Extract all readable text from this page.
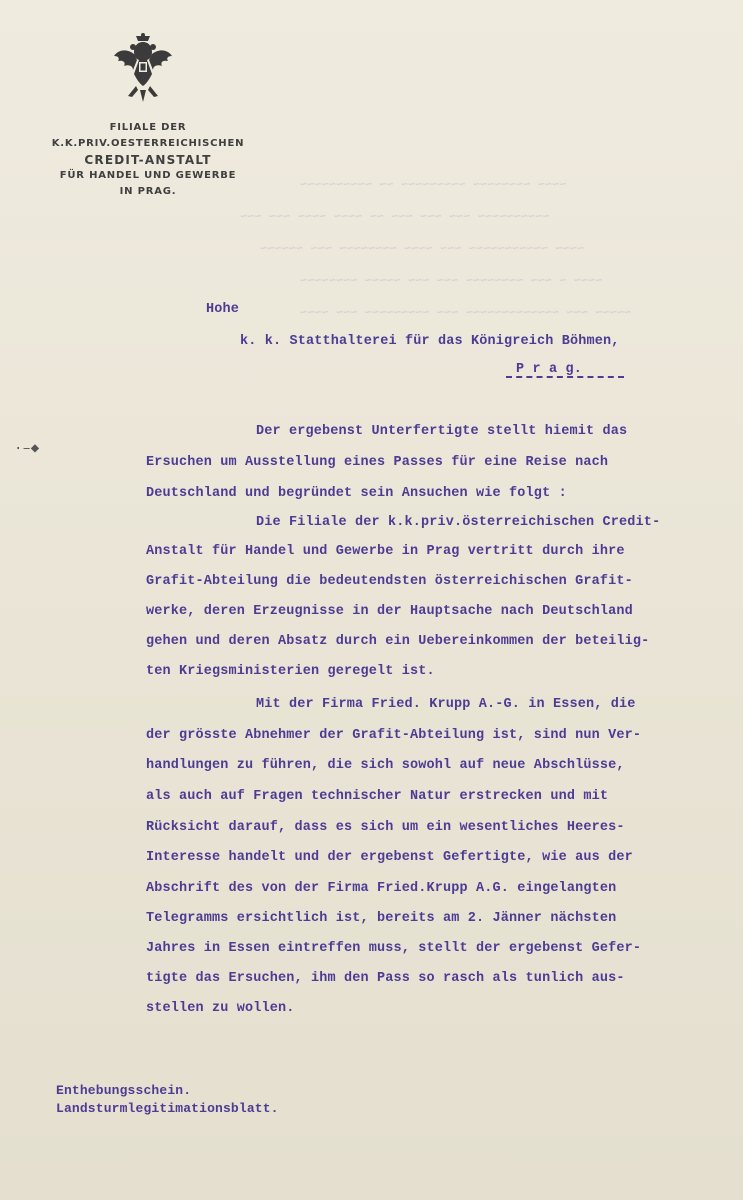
FILIALE DER
K.K.PRIV.OESTERREICHISCHEN
CREDIT-ANSTALT
FÜR HANDEL UND GEWERBE
IN PRAG.	~~~~ ~~~~~~~~ ~~~~~~~~~ ~~ ~~~~~~~~~~
~~~~~~~~~~ ~~~ ~~~ ~~~ ~~ ~~~~ ~~~~ ~~~ ~~~
~~~~ ~~~~~~~~~~~ ~~~ ~~~~ ~~~~~~~~ ~~~ ~~~~~~
~~~~ ~ ~~~ ~~~~~~~~ ~~~ ~~~ ~~~~~ ~~~~~~~~
~~~~~ ~~~ ~~~~~~~~~~~~~ ~~~ ~~~~~~~~~ ~~~ ~~~~
Hohe
k. k. Statthalterei für das Königreich Böhmen,
P r a g.
·–◆
Der ergebenst Unterfertigte stellt hiemit das
Ersuchen um Ausstellung eines Passes für eine Reise nach
Deutschland und begründet sein Ansuchen wie folgt :
Die Filiale der k.k.priv.österreichischen Credit-
Anstalt für Handel und Gewerbe in Prag vertritt durch ihre
Grafit-Abteilung die bedeutendsten österreichischen Grafit-
werke, deren Erzeugnisse in der Hauptsache nach Deutschland
gehen und deren Absatz durch ein Uebereinkommen der beteilig-
ten Kriegsministerien geregelt ist.
Mit der Firma Fried. Krupp A.-G. in Essen, die
der grösste Abnehmer der Grafit-Abteilung ist, sind nun Ver-
handlungen zu führen, die sich sowohl auf neue Abschlüsse,
als auch auf Fragen technischer Natur erstrecken und mit
Rücksicht darauf, dass es sich um ein wesentliches Heeres-
Interesse handelt und der ergebenst Gefertigte, wie aus der
Abschrift des von der Firma Fried.Krupp A.G. eingelangten
Telegramms ersichtlich ist, bereits am 2. Jänner nächsten
Jahres in Essen eintreffen muss, stellt der ergebenst Gefer-
tigte das Ersuchen, ihm den Pass so rasch als tunlich aus-
stellen zu wollen.
Enthebungsschein.
Landsturmlegitimationsblatt.
